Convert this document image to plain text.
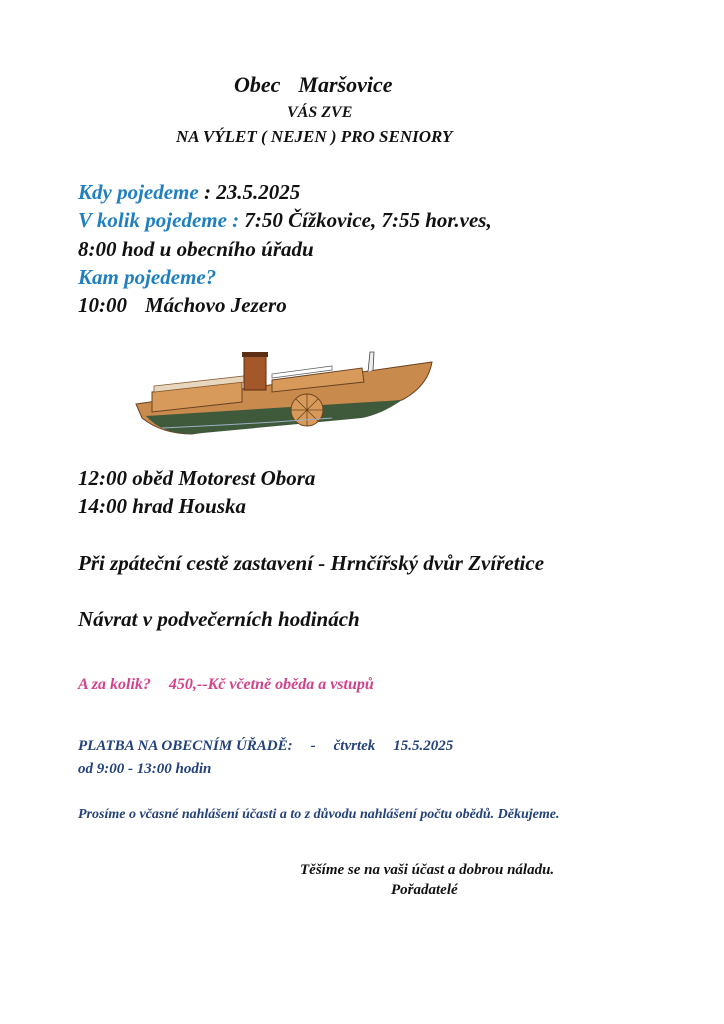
Obec Maršovice
VÁS ZVE
NA VÝLET ( NEJEN ) PRO SENIORY
Kdy pojedeme : 23.5.2025
V kolik pojedeme : 7:50 Čížkovice, 7:55 hor.ves,
8:00 hod u obecního úřadu
Kam pojedeme?
10:00 Máchovo Jezero
12:00 oběd Motorest Obora
14:00 hrad Houska
Při zpáteční cestě zastavení - Hrnčířský dvůr Zvířetice
Návrat v podvečerních hodinách
A za kolik? 450,--Kč včetně oběda a vstupů
PLATBA NA OBECNÍM ÚŘADĚ: - čtvrtek 15.5.2025
od 9:00 - 13:00 hodin
Prosíme o včasné nahlášení účasti a to z důvodu nahlášení počtu obědů. Děkujeme.
Těšíme se na vaši účast a dobrou náladu.
Pořadatelé
